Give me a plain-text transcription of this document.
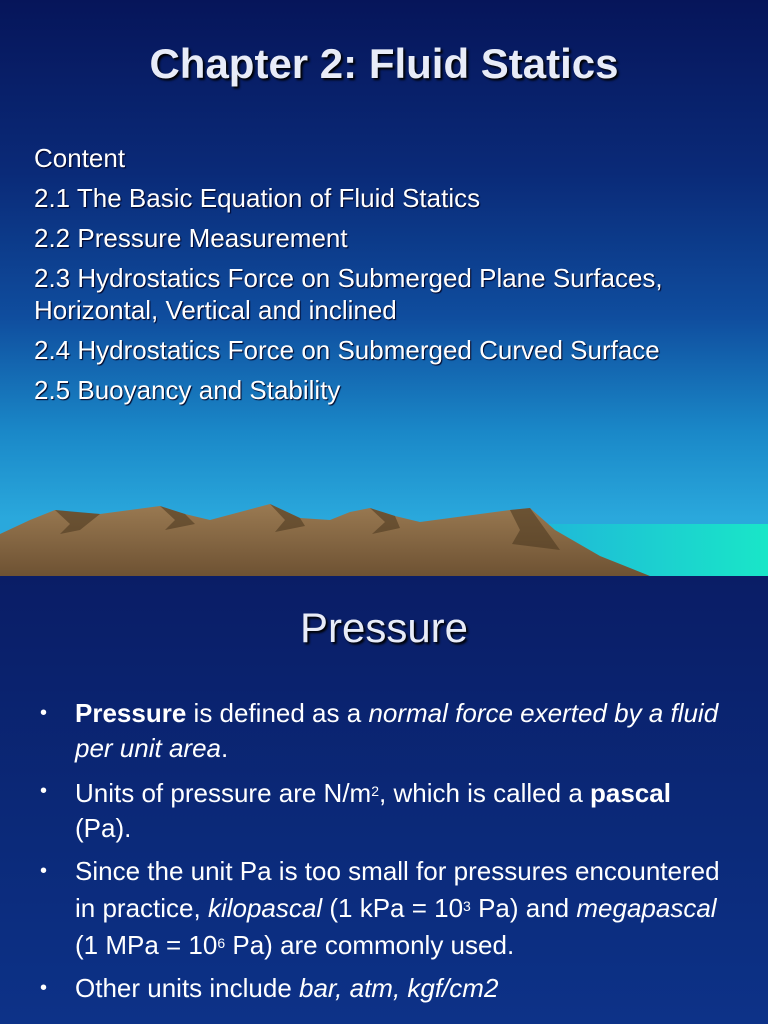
Chapter 2: Fluid Statics
Content
2.1 The Basic Equation of Fluid Statics
2.2 Pressure Measurement
2.3 Hydrostatics Force on Submerged Plane Surfaces, Horizontal, Vertical and inclined
2.4 Hydrostatics Force on Submerged Curved Surface
2.5 Buoyancy and Stability
Pressure
•	Pressure is defined as a normal force exerted by a fluid per unit area.
•	Units of pressure are $N/m^2$, which is called a pascal (Pa).
•	Since the unit Pa is too small for pressures encountered in practice, kilopascal (1 kPa = $10^3$ Pa) and megapascal (1 MPa = $10^6$ Pa) are commonly used.
•	Other units include bar, atm, kgf/cm2
